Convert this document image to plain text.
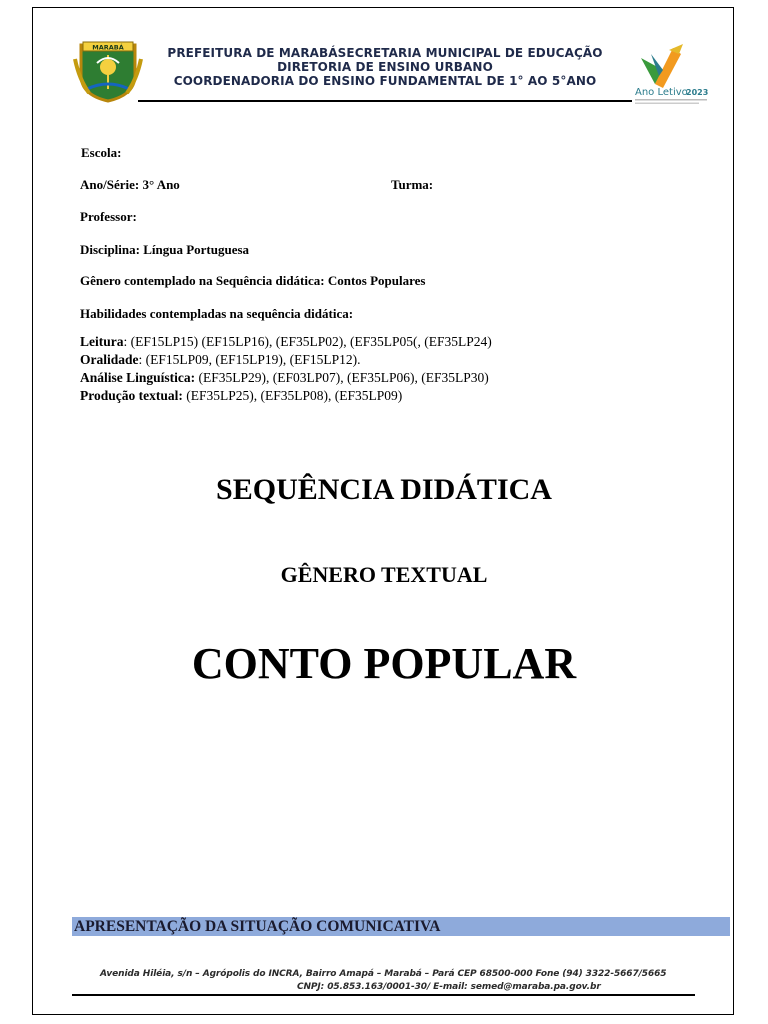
MARABÁ	PREFEITURA DE MARABÁSECRETARIA MUNICIPAL DE EDUCAÇÃO
DIRETORIA DE ENSINO URBANO
COORDENADORIA DO ENSINO FUNDAMENTAL DE 1° AO 5°ANO
Ano Letivo
2023
Escola:
Ano/Série: 3° Ano	Turma:
Professor:
Disciplina: Língua Portuguesa
Gênero contemplado na Sequência didática: Contos Populares
Habilidades contempladas na sequência didática:
Leitura: (EF15LP15) (EF15LP16), (EF35LP02), (EF35LP05(, (EF35LP24)
Oralidade: (EF15LP09, (EF15LP19), (EF15LP12).
Análise Linguística: (EF35LP29), (EF03LP07), (EF35LP06), (EF35LP30)
Produção textual: (EF35LP25), (EF35LP08), (EF35LP09)
SEQUÊNCIA DIDÁTICA
GÊNERO TEXTUAL
CONTO POPULAR
APRESENTAÇÃO DA SITUAÇÃO COMUNICATIVA
Avenida Hiléia, s/n – Agrópolis do INCRA, Bairro Amapá – Marabá – Pará CEP 68500-000 Fone (94) 3322-5667/5665
CNPJ: 05.853.163/0001-30/ E-mail: semed@maraba.pa.gov.br
